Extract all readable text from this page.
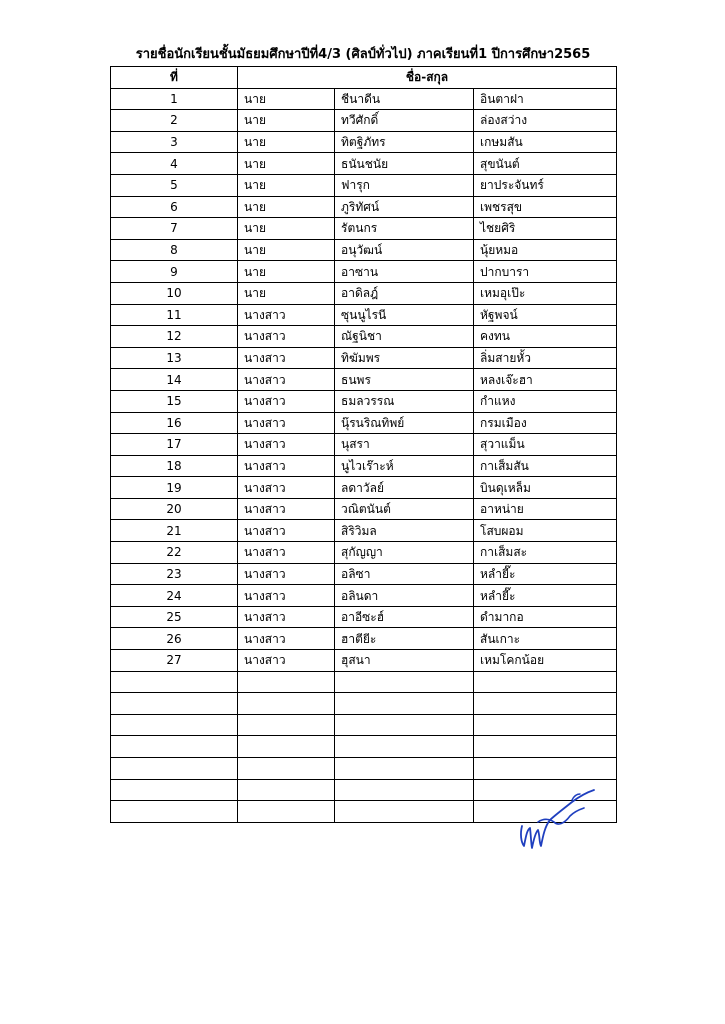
รายชื่อนักเรียนชั้นมัธยมศึกษาปีที่4/3 (ศิลป์ทั่วไป) ภาคเรียนที่1 ปีการศึกษา2565
ที่	ชื่อ-สกุล		
1	นาย	ชีนาดีน	อินตาฝา
2	นาย	ทวีศักดิ์	ล่องสว่าง
3	นาย	ทิตฐิภัทร	เกษมสัน
4	นาย	ธนันชนัย	สุขนันต์
5	นาย	ฟารุก	ยาประจันทร์
6	นาย	ภูริทัศน์	เพชรสุข
7	นาย	รัตนกร	ไชยศิริ
8	นาย	อนุวัฒน์	นุ้ยหมอ
9	นาย	อาซาน	ปากบารา
10	นาย	อาดิลฎ์	เหมอุเป๊ะ
11	นางสาว	ซุนนูไรนี	หัฐพจน์
12	นางสาว	ณัฐนิชา	คงทน
13	นางสาว	ทิฆัมพร	ลิ่มสายหั้ว
14	นางสาว	ธนพร	หลงเจ๊ะฮา
15	นางสาว	ธมลวรรณ	กำแหง
16	นางสาว	นุ๊รนริณทิพย์	กรมเมือง
17	นางสาว	นุสรา	สุวาแม็น
18	นางสาว	นูไวเร๊าะห์	กาเส็มสัน
19	นางสาว	ลดาวัลย์	บินดุเหล็ม
20	นางสาว	วณิตนันต์	อาหน่าย
21	นางสาว	สิริวิมล	โสบผอม
22	นางสาว	สุกัญญา	กาเส็มสะ
23	นางสาว	อลิซา	หลำยี๊ะ
24	นางสาว	อลินดา	หลำยี๊ะ
25	นางสาว	อาอีซะฮ์	ดำมากอ
26	นางสาว	ฮาตียีะ	สันเกาะ
27	นางสาว	ฮุสนา	เหมโคกน้อย
